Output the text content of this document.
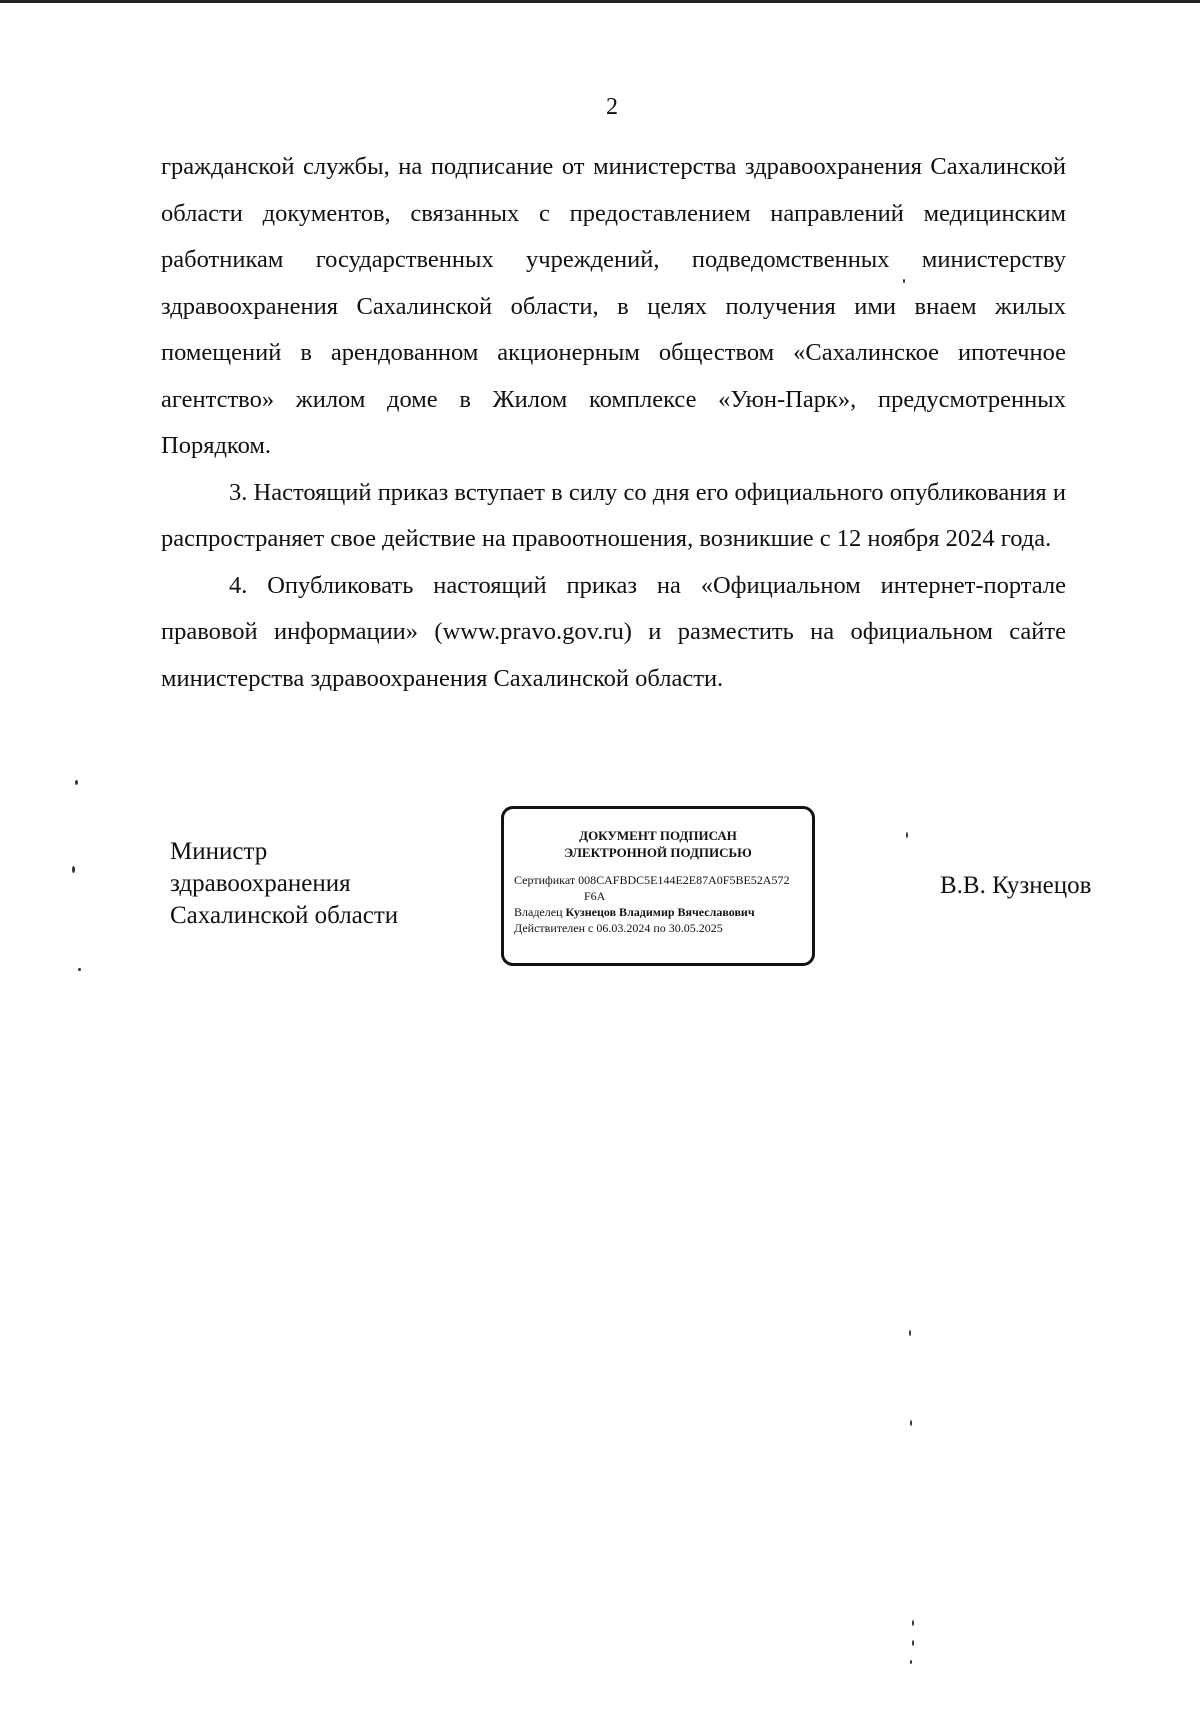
2

гражданской службы, на подписание от министерства здравоохранения Сахалинской области документов, связанных с предоставлением направлений медицинским работникам государственных учреждений, подведомственных министерству здравоохранения Сахалинской области, в целях получения ими внаем жилых помещений в арендованном акционерным обществом «Сахалинское ипотечное агентство» жилом доме в Жилом комплексе «Уюн-Парк», предусмотренных Порядком.

3. Настоящий приказ вступает в силу со дня его официального опубликования и распространяет свое действие на правоотношения, возникшие с 12 ноября 2024 года.

4. Опубликовать настоящий приказ на «Официальном интернет-портале правовой информации» (www.pravo.gov.ru) и разместить на официальном сайте министерства здравоохранения Сахалинской области.

Министр
здравоохранения
Сахалинской области
ДОКУМЕНТ ПОДПИСАН
ЭЛЕКТРОННОЙ ПОДПИСЬЮ
Сертификат 008CAFBDC5E144E2E87A0F5BE52A572
F6A
Владелец Кузнецов Владимир Вячеславович
Действителен с 06.03.2024 по 30.05.2025
В.В. Кузнецов
